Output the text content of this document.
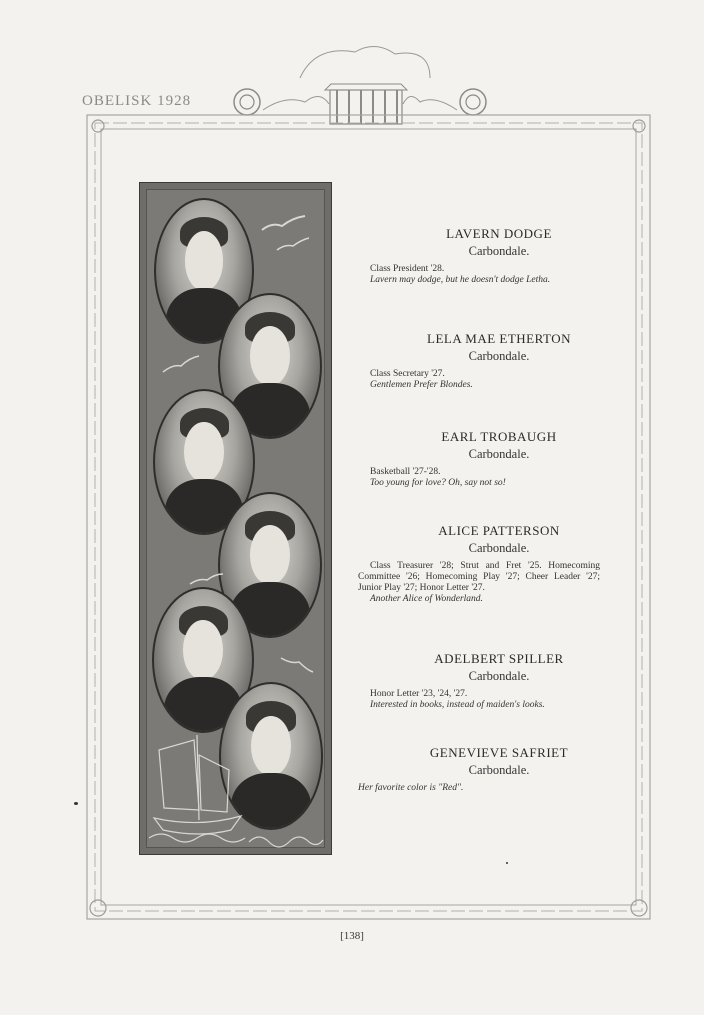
OBELISK 1928
LAVERN DODGE
Carbondale.
Class President '28.
Lavern may dodge, but he doesn't dodge Letha.
LELA MAE ETHERTON
Carbondale.
Class Secretary '27.
Gentlemen Prefer Blondes.
EARL TROBAUGH
Carbondale.
Basketball '27-'28.
Too young for love? Oh, say not so!
ALICE PATTERSON
Carbondale.
Class Treasurer '28; Strut and Fret '25. Homecoming Committee '26; Homecoming Play '27; Cheer Leader '27; Junior Play '27; Honor Letter '27.
Another Alice of Wonderland.
ADELBERT SPILLER
Carbondale.
Honor Letter '23, '24, '27.
Interested in books, instead of maiden's looks.
GENEVIEVE SAFRIET
Carbondale.
Her favorite color is "Red".
[138]
